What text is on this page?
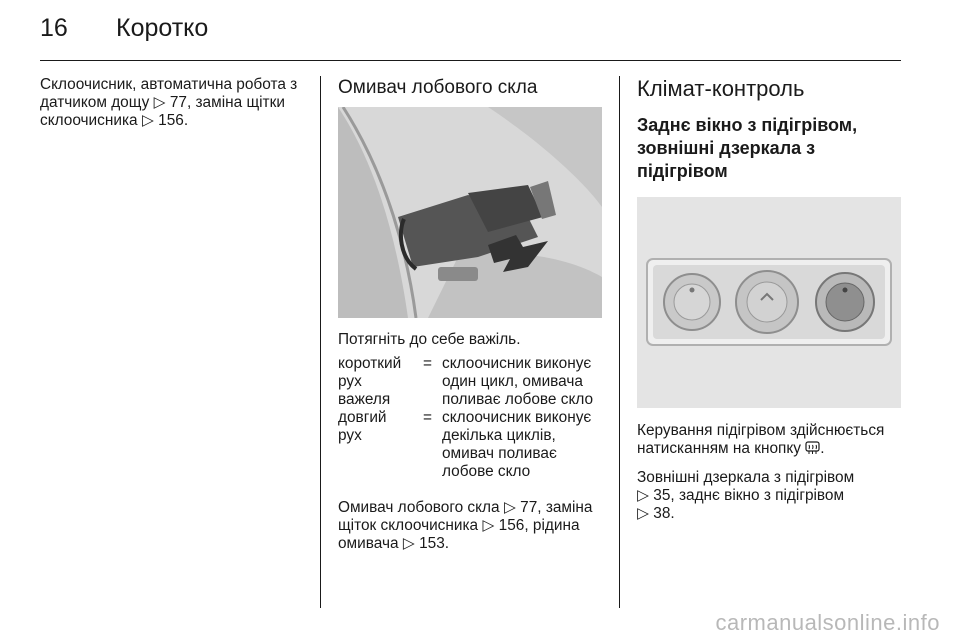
16 Коротко

Склоочисник, автоматична робота з датчиком дощу ▷ 77, заміна щітки склоочисника ▷ 156.

Омивач лобового скла

Потягніть до себе важіль.

короткий рух важеля
= склоочисник виконує один цикл, омивача поливає лобове скло
довгий рух
= склоочисник виконує декілька циклів, омивач поливає лобове скло

Омивач лобового скла ▷ 77, заміна щіток склоочисника ▷ 156, рідина омивача ▷ 153.

Клімат-контроль

Заднє вікно з підігрівом, зовнішні дзеркала з підігрівом

Керування підігрівом здійснюється натисканням на кнопку .

Зовнішні дзеркала з підігрівом
▷ 35, заднє вікно з підігрівом
▷ 38.

carmanualsonline.info
